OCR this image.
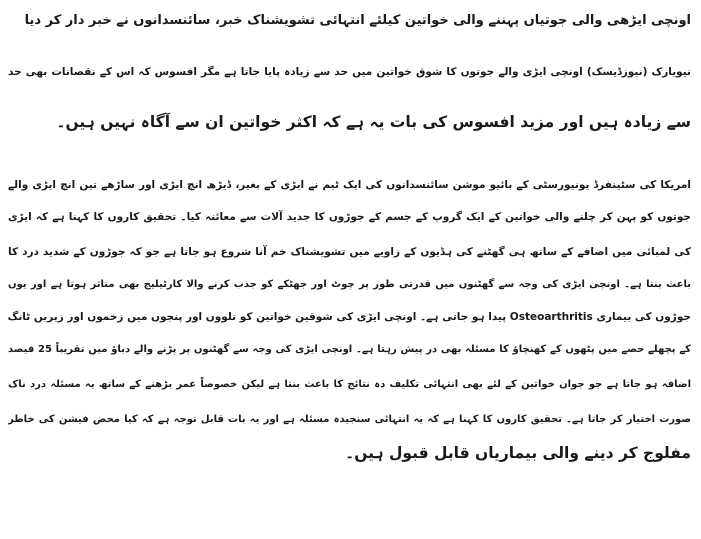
اونچی ایڑھی والی جوتیاں پہننے والی خواتین کیلئے انتہائی تشویشناک خبر، سائنسدانوں نے خبر دار کر دیا
نیویارک (نیوزڈیسک) اونچی ایڑی والے جوتوں کا شوق خواتین میں حد سے زیادہ پایا جاتا ہے مگر افسوس کہ اس کے نقصانات بھی حد
سے زیادہ ہیں اور مزید افسوس کی بات یہ ہے کہ اکثر خواتین ان سے آگاہ نہیں ہیں۔
امریکا کی سٹینفرڈ یونیورسٹی کے بائیو موشن سائنسدانوں کی ایک ٹیم نے ایڑی کے بغیر، ڈیڑھ انچ ایڑی اور ساڑھے تین انچ ایڑی والے
جوتوں کو پہن کر چلنے والی خواتین کے ایک گروپ کے جسم کے جوڑوں کا جدید آلات سے معائنہ کیا۔ تحقیق کاروں کا کہنا ہے کہ ایڑی
کی لمبائی میں اضافے کے ساتھ ہی گھٹنے کی ہڈیوں کے زاویے میں تشویشناک خم آنا شروع ہو جاتا ہے جو کہ جوڑوں کے شدید درد کا
باعث بنتا ہے۔ اونچی ایڑی کی وجہ سے گھٹنوں میں قدرتی طور پر چوٹ اور جھٹکے کو جذب کرنے والا کارٹیلیج بھی متاثر ہوتا ہے اور یوں
جوڑوں کی بیماری Osteoarthritis پیدا ہو جاتی ہے۔ اونچی ایڑی کی شوقین خواتین کو تلووں اور پنجوں میں زخموں اور زیریں ٹانگ
کے پچھلے حصے میں پٹھوں کے کھنچاؤ کا مسئلہ بھی در پیش رہتا ہے۔ اونچی ایڑی کی وجہ سے گھٹنوں پر پڑنے والے دباؤ میں تقریباً 25 فیصد
اضافہ ہو جاتا ہے جو جوان خواتین کے لئے بھی انتہائی تکلیف دہ نتائج کا باعث بنتا ہے لیکن خصوصاً عمر بڑھنے کے ساتھ یہ مسئلہ درد ناک
صورت اختیار کر جاتا ہے۔ تحقیق کاروں کا کہنا ہے کہ یہ انتہائی سنجیدہ مسئلہ ہے اور یہ بات قابل توجہ ہے کہ کیا محض فیشن کی خاطر
مفلوج کر دینے والی بیماریاں قابل قبول ہیں۔
